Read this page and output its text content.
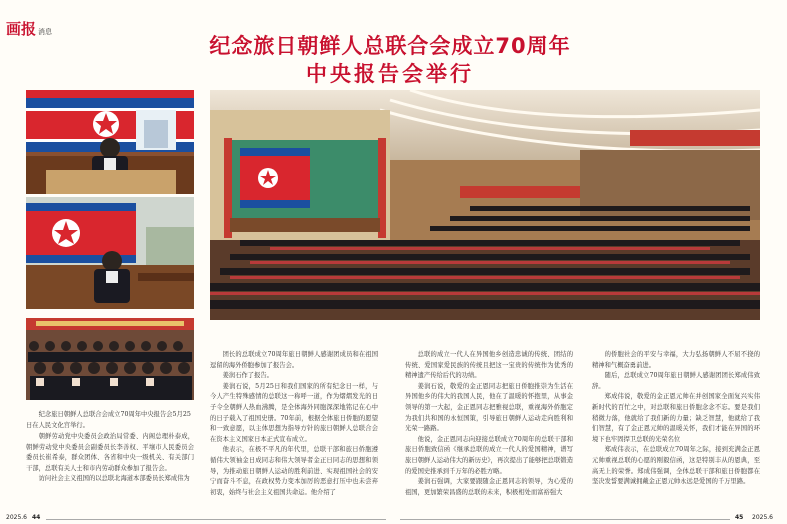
画报 消息
纪念旅日朝鲜人总联合会成立70周年
中央报告会举行
纪念旅日朝鲜人总联合会成立70周年中央报告会5月25日在人民文化宫举行。

朝鲜劳动党中央委员会政治局常委、内阁总理朴泰成，朝鲜劳动党中央委员会副委员长李善权、平壤市人民委员会委员长崔希泰，群众团体、各省和中央一级机关、有关部门干部，总联有关人士和市内劳动群众参加了报告会。

访问社会主义祖国的以总联北海道本部委员长郑成伟为

团长的总联成立70周年旅日朝鲜人感谢团成员和在祖国逗留的海外侨胞参加了报告会。

姜润石作了报告。

姜润石说，5月25日和我们国家的所有纪念日一样，与今人产生特殊感情的总联这一称呼一道，作为熠熠发光的日子令全朝鲜人热血沸腾，是全体海外同胞深深地铭记在心中的日子载入了祖国史册。70年前，根据全体旅日侨胞的愿望和一致意愿，以主体思想为指导方针的旅日朝鲜人总联合会在资本主义国家日本正式宣布成立。

他表示，在极不平凡的年代里，总联干部和旅日侨胞遵循伟大领袖金日成同志和伟大领导者金正日同志的思想和领导，为推动旅日朝鲜人运动的胜利前进、实现祖国社会的安宁而奋斗不息，在政权势力变本加厉的恶意打压中也未尝弃初衷，始终与社会主义祖国共命运。他介绍了

总联的成立一代人在异国他乡创造忠诚的传统、团结的传统、爱国家爱民族的传统且把这一宝贵的传统作为优秀的精神遗产传给后代的功绩。

姜润石说，敬爱的金正恩同志把旅日侨胞推崇为生活在异国他乡的伟大的我国人民，他在了温暖的怀抱里，从事金领导的第一大起，金正恩同志把雅视总联，重视海外侨胞定为我们共和国的永恒国策，引导旅日朝鲜人运动走向胜利和光荣一路路。

他说，金正恩同志向迎接总联成立70周年的总联干部和旅日侨胞致信函《继承总联的成立一代人的爱国精神，谱写旅日朝鲜人运动伟大的新历史》，再次提出了能够把总联锻造的爱国史推承到千万年的必胜方略。

姜润石强调，大家要跟随金正恩同志的领导，为心爱的祖国，更加繁荣昌盛的总联的未来，积极相处而富裕强大

的侨胞社会的平安与幸福，大力弘扬朝鲜人不屈不挠的精神和气概奋勇前进。

随后，总联成立70周年旅日朝鲜人感谢团团长郑成伟致辞。

郑成伟说，敬爱的金正恩元帅在并创国家全面复兴实伟新时代的百忙之中，对总联和旅日侨胞念念不忘。要是我们稍微力落，他就给了我们新的力量；缺乏智慧，他就给了我们智慧，有了金正恩元帅的温暖关怀，我们才能在异国的环境下也牢固捍卫总联的光荣名位

郑成伟表示，在总联成立70周年之际，接到充满金正恩元帅重视总联的心愿的刚毅信函，这是特别丰从的恩典，至高无上的荣誉。郑成伟强调，全体总联干部和旅日侨胞都在坚决发誓要满诚拥戴金正恩元帅永远是爱国的千万里路。

2025.6 44	45 2025.6
